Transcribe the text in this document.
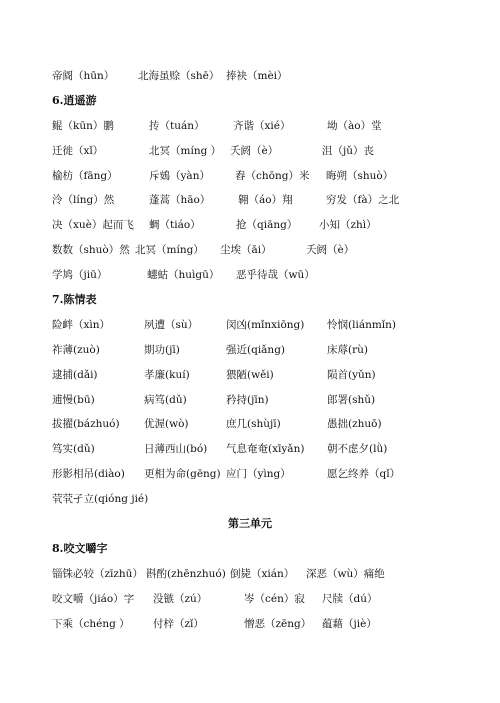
帝阍（hūn） 北海虽赊（shē） 捧袂（mèi）
6.逍遥游
鲲（kūn）鹏	抟（tuán）	齐谐（xié）	坳（ào）堂
迁徙（xǐ）	北冥（míng ） 夭阏（è）	沮（jǔ）丧
榆枋（fāng）	斥鴳（yàn） 舂（chōng）米 晦朔（shuò）
泠（líng）然	蓬蒿（hāo）	翱（áo）翔	穷发（fà）之北
决（xuè）起而飞 蜩（tiáo）	抢（qiāng） 小知（zhì）
数数（shuò）然 北冥（míng） 尘埃（āi）	夭阏（è）
学鸠（jiū）	蟪蛄（huìgū） 恶乎待哉（wū）
7.陈情表
险衅（xìn）	夙遭（sù）	闵凶(mǐnxiōng) 怜悯(liánmǐn)
祚薄(zuò)	期功(jī)	强近(qiǎng)	床蓐(rù)
逮捕(dǎi)	孝廉(kuí)	猥陋(wěi)	陨首(yǔn)
逋慢(bū)	病笃(dǔ)	矜持(jīn)	郎署(shǔ)
拔擢(bázhuó) 优渥(wò)	庶几(shùjī)	愚拙(zhuō)
笃实(dǔ)	日薄西山(bó) 气息奄奄(xīyǎn) 朝不虑夕(lǜ)
形影相吊(diào) 更相为命(gēng) 应门（yìng）	愿乞终养（qǐ）
茕茕孑立(qióng jié)
第三单元
8.咬文嚼字
锱铢必较（zīzhū） 斟酌(zhēnzhuó) 倒毙（xián） 深恶（wù）痛绝
咬文嚼（jiáo）字 没镞（zú）	岑（cén）寂 尺牍（dú）
下乘（chéng ） 付梓（zǐ）	憎恶（zēng） 蕴藉（jiè）
